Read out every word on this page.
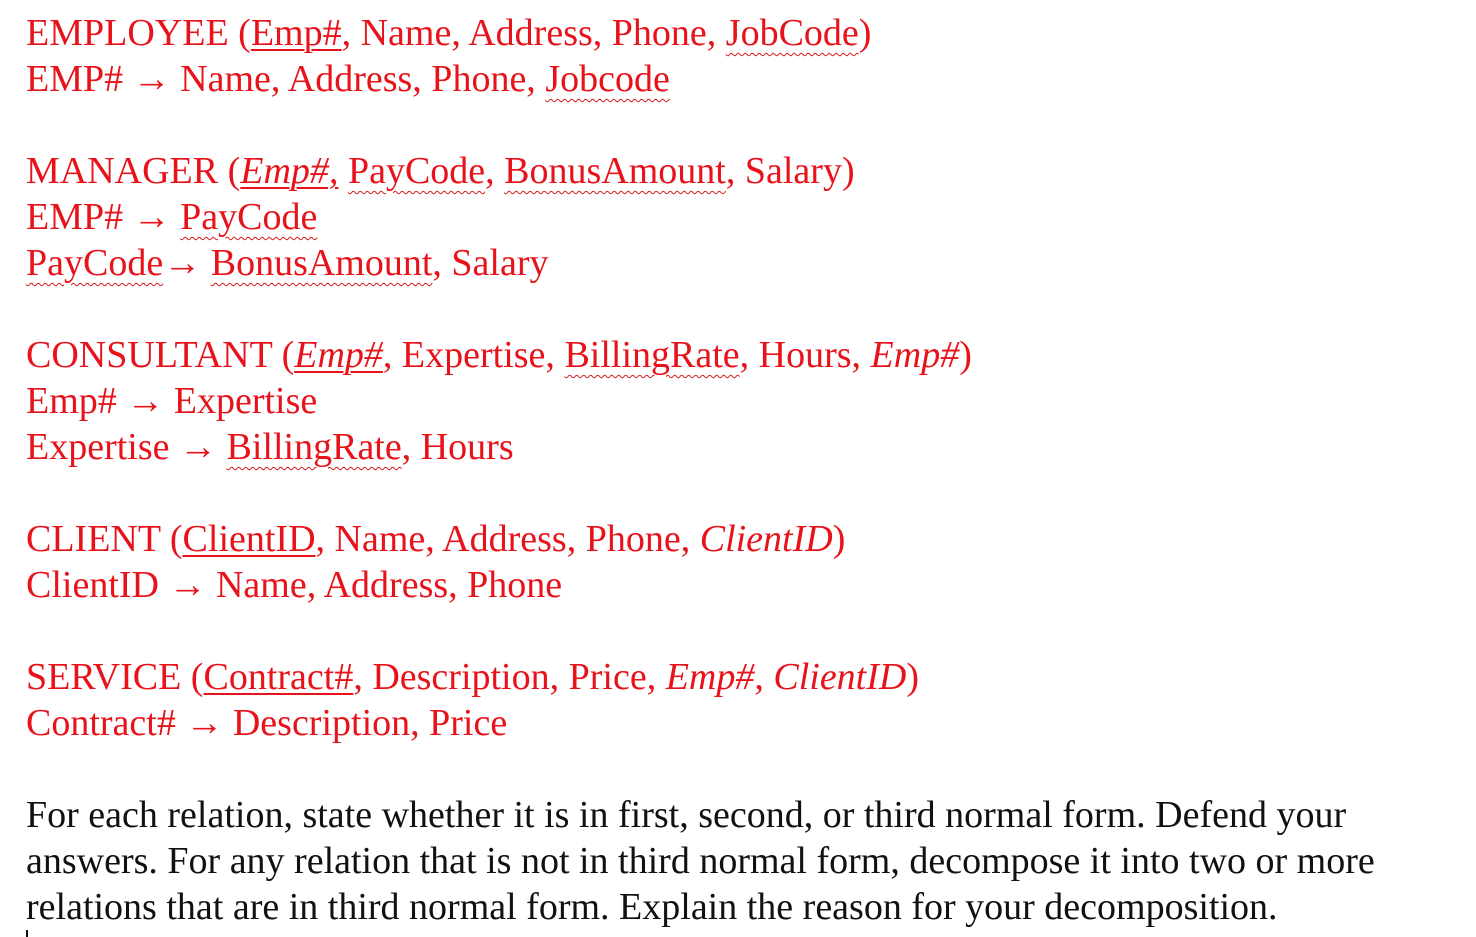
EMPLOYEE (Emp#, Name, Address, Phone, JobCode)
EMP# → Name, Address, Phone, Jobcode
MANAGER (Emp#, PayCode, BonusAmount, Salary)
EMP# → PayCode
PayCode→ BonusAmount, Salary
CONSULTANT (Emp#, Expertise, BillingRate, Hours, Emp#)
Emp# → Expertise
Expertise → BillingRate, Hours
CLIENT (ClientID, Name, Address, Phone, ClientID)
ClientID → Name, Address, Phone
SERVICE (Contract#, Description, Price, Emp#, ClientID)
Contract# → Description, Price
For each relation, state whether it is in first, second, or third normal form. Defend your answers. For any relation that is not in third normal form, decompose it into two or more relations that are in third normal form. Explain the reason for your decomposition.
